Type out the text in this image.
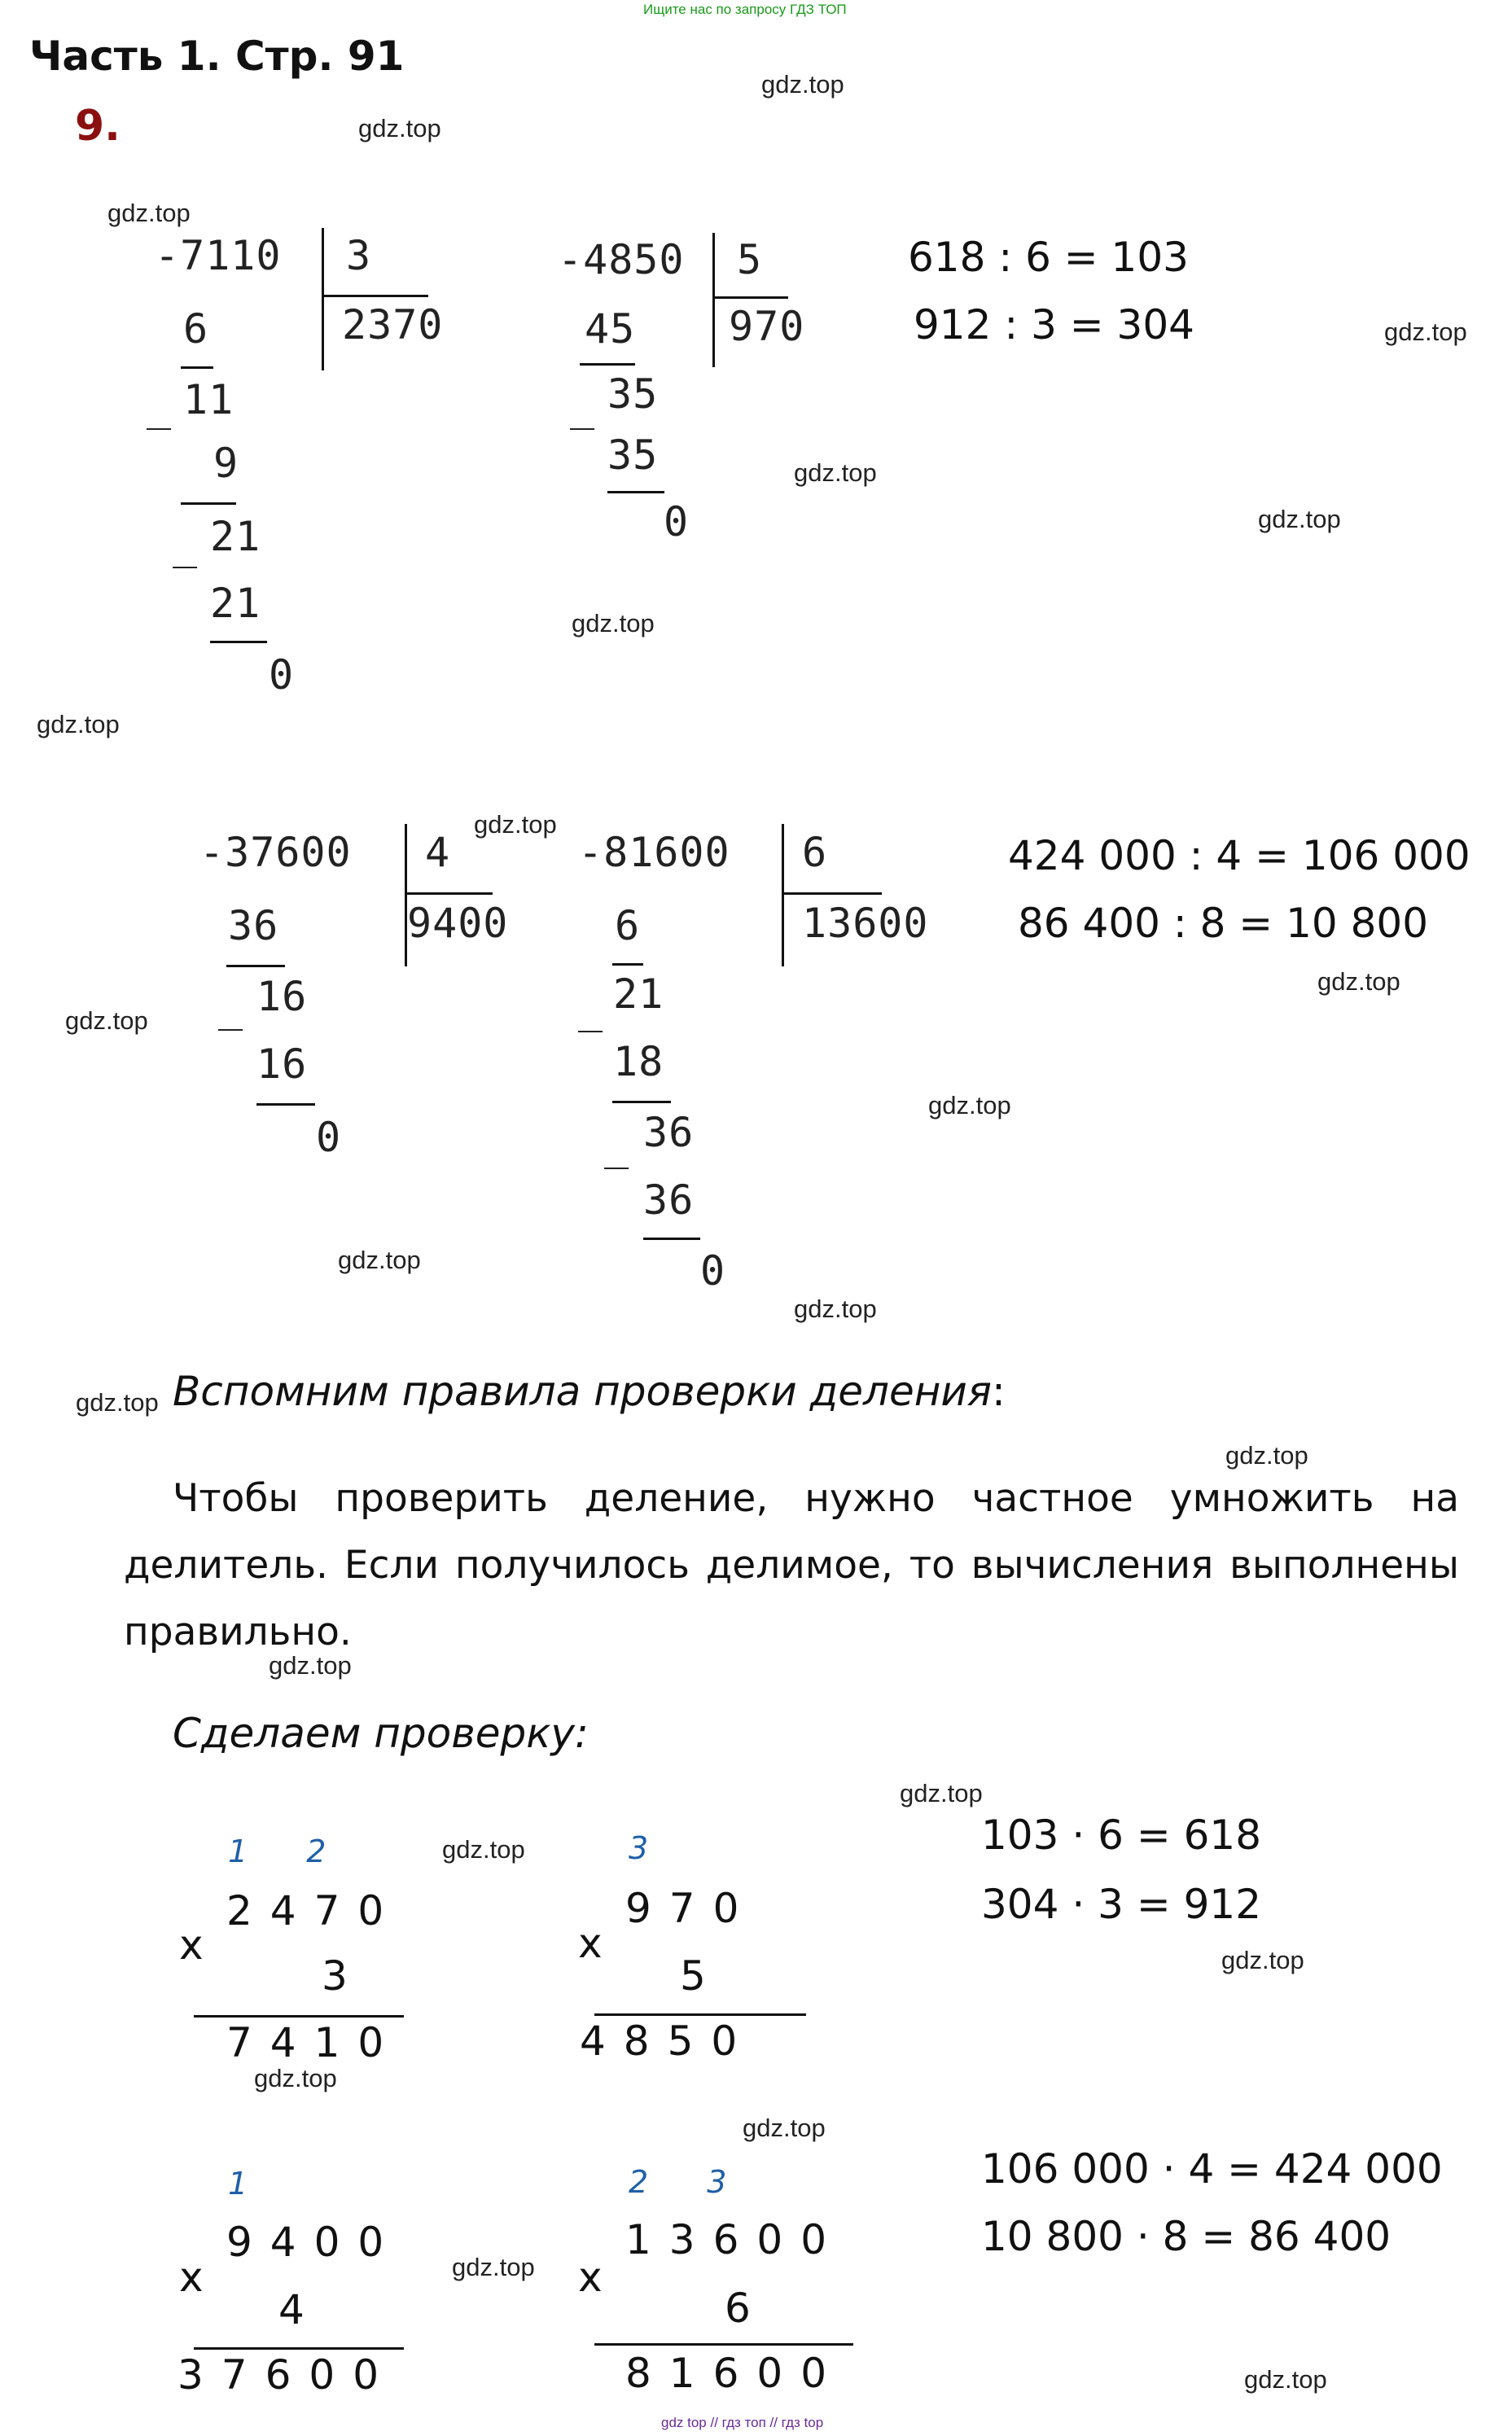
Ищите нас по запросу ГДЗ ТОП
Часть 1. Стр. 91
9.
gdz.top
gdz.top
gdz.top
gdz.top
gdz.top
gdz.top
gdz.top
gdz.top
gdz.top
gdz.top
gdz.top
gdz.top
gdz.top
gdz.top
gdz.top
gdz.top
gdz.top
gdz.top
gdz.top
gdz.top
gdz.top
gdz.top
gdz.top
gdz.top
-7110 3
2370
6
_ 11
9
_ 21
21
0
-4850 5
970
45
_ 35
35
0
618 : 6 = 103
912 : 3 = 304
-37600 4
9400
36
_ 16
16
0
-81600 6
13600
6
_ 21
18
_ 36
36
0
424 000 : 4 = 106 000
86 400 : 8 = 10 800
Вспомним правила проверки деления:
Чтобы проверить деление, нужно частное умножить на делитель. Если получилось делимое, то вычисления выполнены правильно.
Сделаем проверку:
1 2
2470
x
3
7410
3
970
x
5
4850
103 · 6 = 618
304 · 3 = 912
1
9400
x
4
37600
2 3
13600
x
6
81600
106 000 · 4 = 424 000
10 800 · 8 = 86 400
gdz top // гдз топ // гдз top
